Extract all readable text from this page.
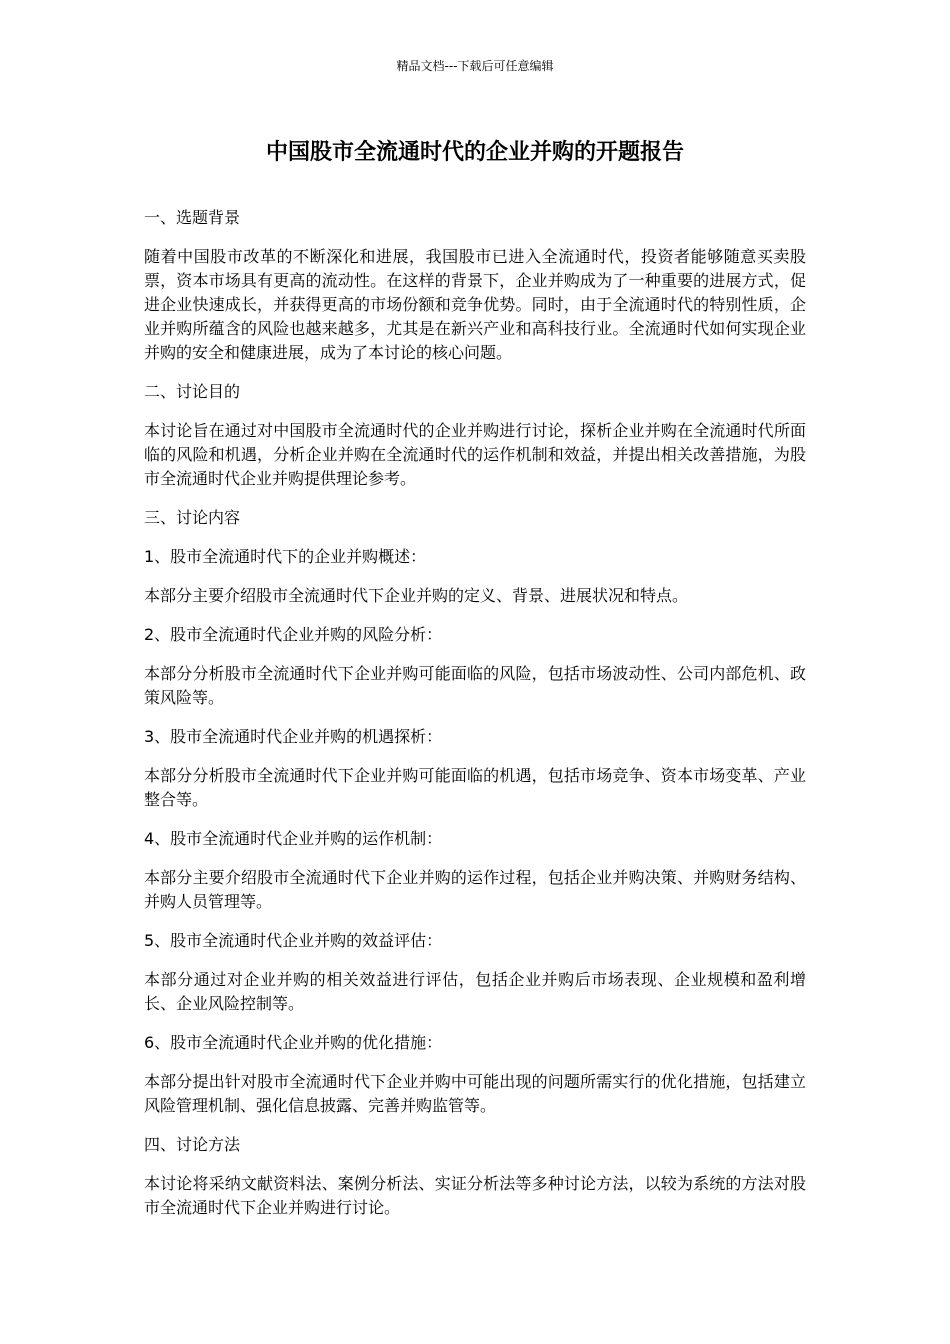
精品文档---下载后可任意编辑
中国股市全流通时代的企业并购的开题报告

一、选题背景

随着中国股市改革的不断深化和进展，我国股市已进入全流通时代，投资者能够随意买卖股票，资本市场具有更高的流动性。在这样的背景下，企业并购成为了一种重要的进展方式，促进企业快速成长，并获得更高的市场份额和竞争优势。同时，由于全流通时代的特别性质，企业并购所蕴含的风险也越来越多，尤其是在新兴产业和高科技行业。全流通时代如何实现企业并购的安全和健康进展，成为了本讨论的核心问题。

二、讨论目的

本讨论旨在通过对中国股市全流通时代的企业并购进行讨论，探析企业并购在全流通时代所面临的风险和机遇，分析企业并购在全流通时代的运作机制和效益，并提出相关改善措施，为股市全流通时代企业并购提供理论参考。

三、讨论内容

1、股市全流通时代下的企业并购概述：

本部分主要介绍股市全流通时代下企业并购的定义、背景、进展状况和特点。

2、股市全流通时代企业并购的风险分析：

本部分分析股市全流通时代下企业并购可能面临的风险，包括市场波动性、公司内部危机、政策风险等。

3、股市全流通时代企业并购的机遇探析：

本部分分析股市全流通时代下企业并购可能面临的机遇，包括市场竞争、资本市场变革、产业整合等。

4、股市全流通时代企业并购的运作机制：

本部分主要介绍股市全流通时代下企业并购的运作过程，包括企业并购决策、并购财务结构、并购人员管理等。

5、股市全流通时代企业并购的效益评估：

本部分通过对企业并购的相关效益进行评估，包括企业并购后市场表现、企业规模和盈利增长、企业风险控制等。

6、股市全流通时代企业并购的优化措施：

本部分提出针对股市全流通时代下企业并购中可能出现的问题所需实行的优化措施，包括建立风险管理机制、强化信息披露、完善并购监管等。

四、讨论方法

本讨论将采纳文献资料法、案例分析法、实证分析法等多种讨论方法，以较为系统的方法对股市全流通时代下企业并购进行讨论。
